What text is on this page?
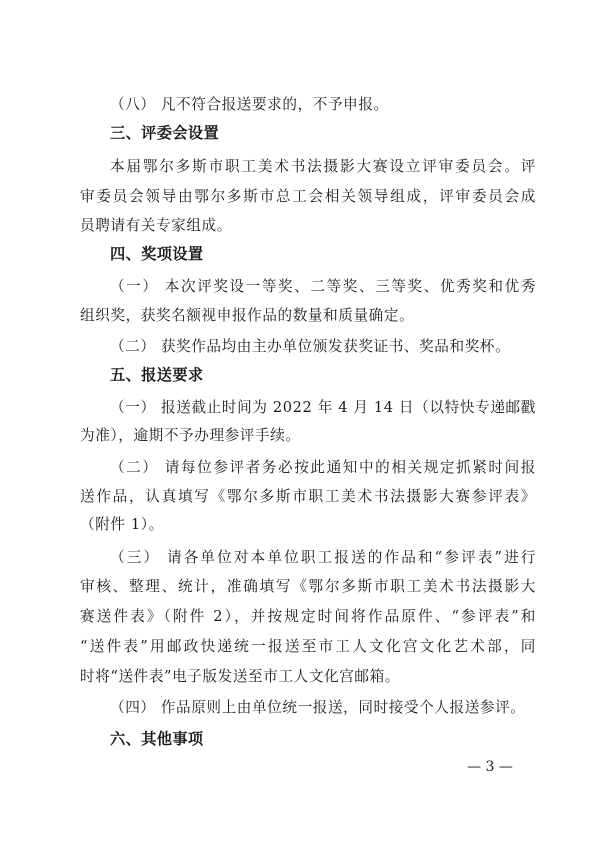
（八） 凡不符合报送要求的，不予申报。
三、评委会设置
本届鄂尔多斯市职工美术书法摄影大赛设立评审委员会。评
审委员会领导由鄂尔多斯市总工会相关领导组成，评审委员会成
员聘请有关专家组成。
四、奖项设置
（一） 本次评奖设一等奖、二等奖、三等奖、优秀奖和优秀
组织奖，获奖名额视申报作品的数量和质量确定。
（二） 获奖作品均由主办单位颁发获奖证书、奖品和奖杯。
五、报送要求
（一） 报送截止时间为 2022 年 4 月 14 日（以特快专递邮戳
为准），逾期不予办理参评手续。
（二） 请每位参评者务必按此通知中的相关规定抓紧时间报
送作品，认真填写《鄂尔多斯市职工美术书法摄影大赛参评表》
（附件 1）。
（三） 请各单位对本单位职工报送的作品和“参评表”进行
审核、整理、统计，准确填写《鄂尔多斯市职工美术书法摄影大
赛送件表》（附件 2），并按规定时间将作品原件、“参评表”和
“送件表”用邮政快递统一报送至市工人文化宫文化艺术部，同
时将“送件表”电子版发送至市工人文化宫邮箱。
（四） 作品原则上由单位统一报送，同时接受个人报送参评。
六、其他事项
— 3 —
